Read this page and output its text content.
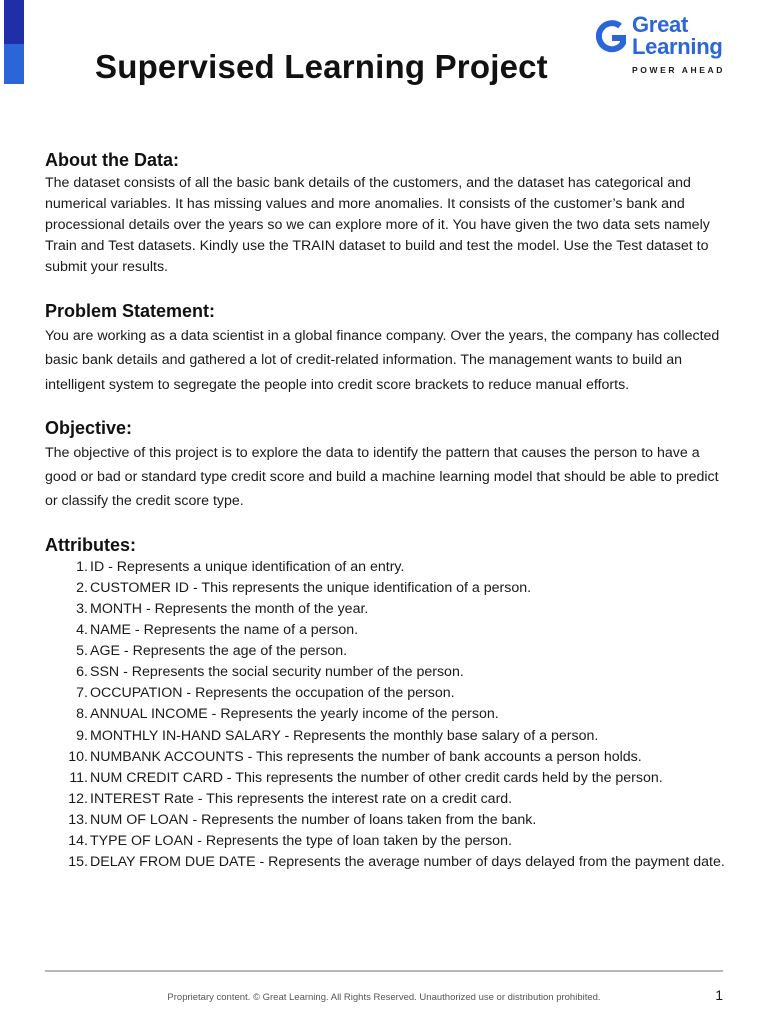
Supervised Learning Project
Great
Learning
POWER AHEAD
About the Data:

The dataset consists of all the basic bank details of the customers, and the dataset has categorical and numerical variables. It has missing values and more anomalies. It consists of the customer’s bank and processional details over the years so we can explore more of it. You have given the two data sets namely Train and Test datasets. Kindly use the TRAIN dataset to build and test the model. Use the Test dataset to submit your results.

Problem Statement:

You are working as a data scientist in a global finance company. Over the years, the company has collected basic bank details and gathered a lot of credit-related information. The management wants to build an intelligent system to segregate the people into credit score brackets to reduce manual efforts.

Objective:

The objective of this project is to explore the data to identify the pattern that causes the person to have a good or bad or standard type credit score and build a machine learning model that should be able to predict or classify the credit score type.

Attributes:
1. ID - Represents a unique identification of an entry.
2. CUSTOMER ID - This represents the unique identification of a person.
3. MONTH - Represents the month of the year.
4. NAME - Represents the name of a person.
5. AGE - Represents the age of the person.
6. SSN - Represents the social security number of the person.
7. OCCUPATION - Represents the occupation of the person.
8. ANNUAL INCOME - Represents the yearly income of the person.
9. MONTHLY IN-HAND SALARY - Represents the monthly base salary of a person.
10. NUMBANK ACCOUNTS - This represents the number of bank accounts a person holds.
11. NUM CREDIT CARD - This represents the number of other credit cards held by the person.
12. INTEREST Rate - This represents the interest rate on a credit card.
13. NUM OF LOAN - Represents the number of loans taken from the bank.
14. TYPE OF LOAN - Represents the type of loan taken by the person.
15. DELAY FROM DUE DATE - Represents the average number of days delayed from the payment date.
Proprietary content. © Great Learning. All Rights Reserved. Unauthorized use or distribution prohibited.	1
